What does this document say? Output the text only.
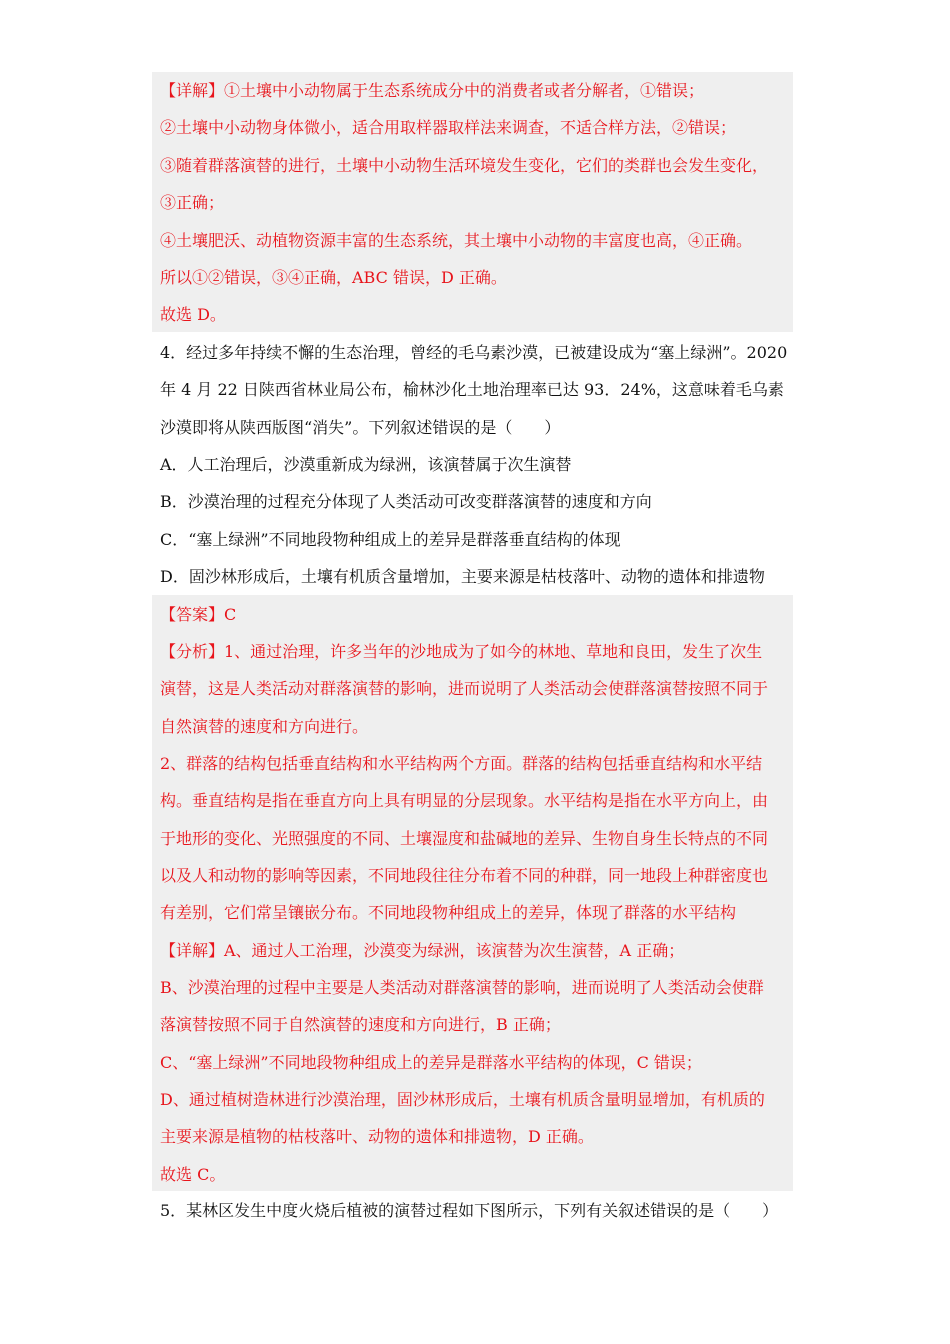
【详解】①土壤中小动物属于生态系统成分中的消费者或者分解者，①错误；
②土壤中小动物身体微小，适合用取样器取样法来调查，不适合样方法，②错误；
③随着群落演替的进行，土壤中小动物生活环境发生变化，它们的类群也会发生变化，
③正确；
④土壤肥沃、动植物资源丰富的生态系统，其土壤中小动物的丰富度也高，④正确。
所以①②错误，③④正确，ABC 错误，D 正确。
故选 D。
4．经过多年持续不懈的生态治理，曾经的毛乌素沙漠，已被建设成为“塞上绿洲”。2020
年 4 月 22 日陕西省林业局公布，榆林沙化土地治理率已达 93．24%，这意味着毛乌素
沙漠即将从陕西版图“消失”。下列叙述错误的是（　　）
A．人工治理后，沙漠重新成为绿洲，该演替属于次生演替
B．沙漠治理的过程充分体现了人类活动可改变群落演替的速度和方向
C．“塞上绿洲”不同地段物种组成上的差异是群落垂直结构的体现
D．固沙林形成后，土壤有机质含量增加，主要来源是枯枝落叶、动物的遗体和排遗物
【答案】C
【分析】1、通过治理，许多当年的沙地成为了如今的林地、草地和良田，发生了次生
演替，这是人类活动对群落演替的影响，进而说明了人类活动会使群落演替按照不同于
自然演替的速度和方向进行。
2、群落的结构包括垂直结构和水平结构两个方面。群落的结构包括垂直结构和水平结
构。垂直结构是指在垂直方向上具有明显的分层现象。水平结构是指在水平方向上，由
于地形的变化、光照强度的不同、土壤湿度和盐碱地的差异、生物自身生长特点的不同
以及人和动物的影响等因素，不同地段往往分布着不同的种群，同一地段上种群密度也
有差别，它们常呈镶嵌分布。不同地段物种组成上的差异，体现了群落的水平结构
【详解】A、通过人工治理，沙漠变为绿洲，该演替为次生演替，A 正确；
B、沙漠治理的过程中主要是人类活动对群落演替的影响，进而说明了人类活动会使群
落演替按照不同于自然演替的速度和方向进行，B 正确；
C、“塞上绿洲”不同地段物种组成上的差异是群落水平结构的体现，C 错误；
D、通过植树造林进行沙漠治理，固沙林形成后，土壤有机质含量明显增加，有机质的
主要来源是植物的枯枝落叶、动物的遗体和排遗物，D 正确。
故选 C。
5．某林区发生中度火烧后植被的演替过程如下图所示，下列有关叙述错误的是（　　）
